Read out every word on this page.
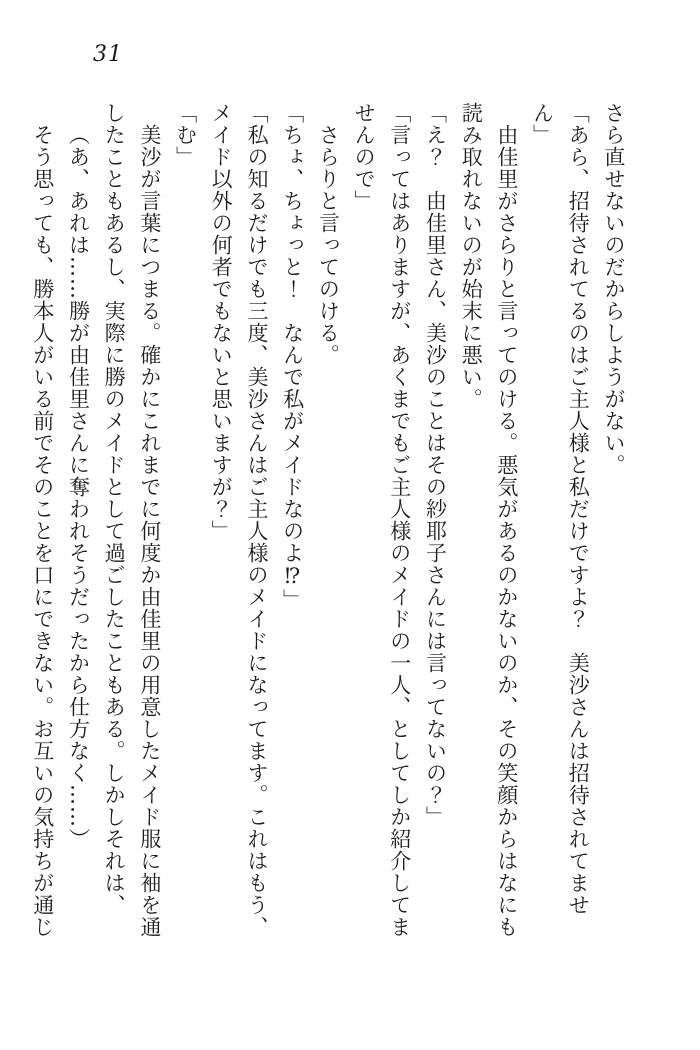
31

さら直せないのだからしようがない。

「あら、招待されてるのはご主人様と私だけですよ？　美沙さんは招待されてません」

由佳里がさらりと言ってのける。悪気があるのかないのか、その笑顔からはなにも読み取れないのが始末に悪い。

「え？　由佳里さん、美沙のことはその紗耶子さんには言ってないの？」

「言ってはありますが、あくまでもご主人様のメイドの一人、としてしか紹介してませんので」

さらりと言ってのける。

「ちょ、ちょっと！　なんで私がメイドなのよ⁉」

「私の知るだけでも三度、美沙さんはご主人様のメイドになってます。これはもう、メイド以外の何者でもないと思いますが？」

「む」

美沙が言葉につまる。確かにこれまでに何度か由佳里の用意したメイド服に袖を通したこともあるし、実際に勝のメイドとして過ごしたこともある。しかしそれは、

（あ、あれは……勝が由佳里さんに奪われそうだったから仕方なく……）

そう思っても、勝本人がいる前でそのことを口にできない。お互いの気持ちが通じ
